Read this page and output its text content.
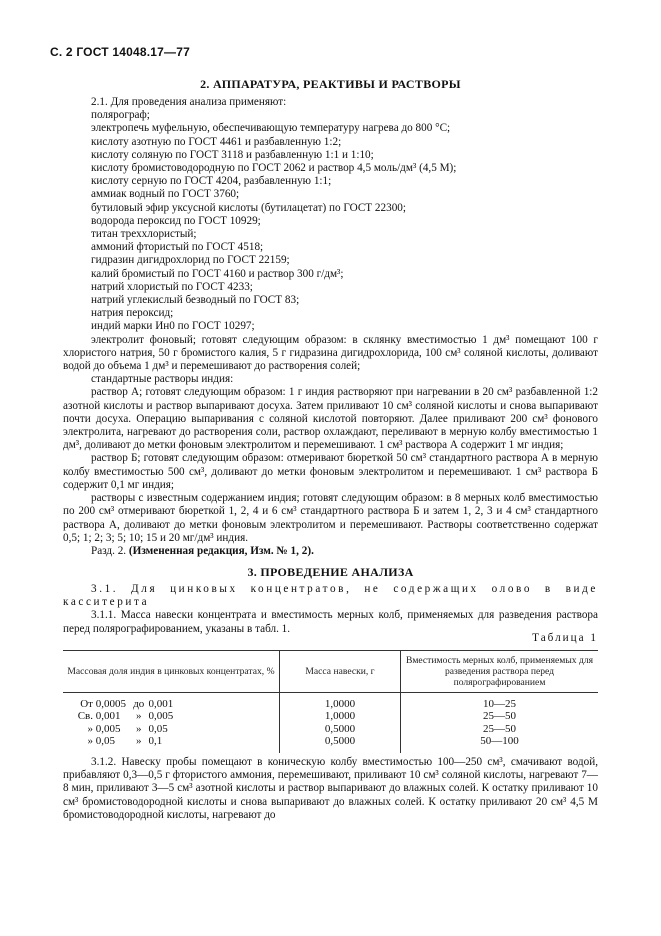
С. 2 ГОСТ 14048.17—77
2. АППАРАТУРА, РЕАКТИВЫ И РАСТВОРЫ

2.1. Для проведения анализа применяют:

полярограф;

электропечь муфельную, обеспечивающую температуру нагрева до 800 °С;

кислоту азотную по ГОСТ 4461 и разбавленную 1:2;

кислоту соляную по ГОСТ 3118 и разбавленную 1:1 и 1:10;

кислоту бромистоводородную по ГОСТ 2062 и раствор 4,5 моль/дм³ (4,5 М);

кислоту серную по ГОСТ 4204, разбавленную 1:1;

аммиак водный по ГОСТ 3760;

бутиловый эфир уксусной кислоты (бутилацетат) по ГОСТ 22300;

водорода пероксид по ГОСТ 10929;

титан треххлористый;

аммоний фтористый по ГОСТ 4518;

гидразин дигидрохлорид по ГОСТ 22159;

калий бромистый по ГОСТ 4160 и раствор 300 г/дм³;

натрий хлористый по ГОСТ 4233;

натрий углекислый безводный по ГОСТ 83;

натрия пероксид;

индий марки Ин0 по ГОСТ 10297;

электролит фоновый; готовят следующим образом: в склянку вместимостью 1 дм³ помещают 100 г хлористого натрия, 50 г бромистого калия, 5 г гидразина дигидрохлорида, 100 см³ соляной кислоты, доливают водой до объема 1 дм³ и перемешивают до растворения солей;

стандартные растворы индия:

раствор А; готовят следующим образом: 1 г индия растворяют при нагревании в 20 см³ разбавленной 1:2 азотной кислоты и раствор выпаривают досуха. Затем приливают 10 см³ соляной кислоты и снова выпаривают почти досуха. Операцию выпаривания с соляной кислотой повторяют. Далее приливают 200 см³ фонового электролита, нагревают до растворения соли, раствор охлаждают, переливают в мерную колбу вместимостью 1 дм³, доливают до метки фоновым электролитом и перемешивают. 1 см³ раствора А содержит 1 мг индия;

раствор Б; готовят следующим образом: отмеривают бюреткой 50 см³ стандартного раствора А в мерную колбу вместимостью 500 см³, доливают до метки фоновым электролитом и перемешивают. 1 см³ раствора Б содержит 0,1 мг индия;

растворы с известным содержанием индия; готовят следующим образом: в 8 мерных колб вместимостью по 200 см³ отмеривают бюреткой 1, 2, 4 и 6 см³ стандартного раствора Б и затем 1, 2, 3 и 4 см³ стандартного раствора А, доливают до метки фоновым электролитом и перемешивают. Растворы соответственно содержат 0,5; 1; 2; 3; 5; 10; 15 и 20 мг/дм³ индия.

Разд. 2. (Измененная редакция, Изм. № 1, 2).

3. ПРОВЕДЕНИЕ АНАЛИЗА

3.1. Для цинковых концентратов, не содержащих олово в виде касситерита

3.1.1. Масса навески концентрата и вместимость мерных колб, применяемых для разведения раствора перед полярографированием, указаны в табл. 1.

Таблица 1
Массовая доля индия в цинковых концентратах, %	Масса навески, г	Вместимость мерных колб, применяемых для разведения раствора перед полярографированием
От 0,0005 до 0,001	1,0000	10—25
Св. 0,001 » 0,005	1,0000	25—50
» 0,005 » 0,05	0,5000	25—50
» 0,05 » 0,1	0,5000	50—100

3.1.2. Навеску пробы помещают в коническую колбу вместимостью 100—250 см³, смачивают водой, прибавляют 0,3—0,5 г фтористого аммония, перемешивают, приливают 10 см³ соляной кислоты, нагревают 7—8 мин, приливают 3—5 см³ азотной кислоты и раствор выпаривают до влажных солей. К остатку приливают 10 см³ бромистоводородной кислоты и снова выпаривают до влажных солей. К остатку приливают 20 см³ 4,5 М бромистоводородной кислоты, нагревают до
